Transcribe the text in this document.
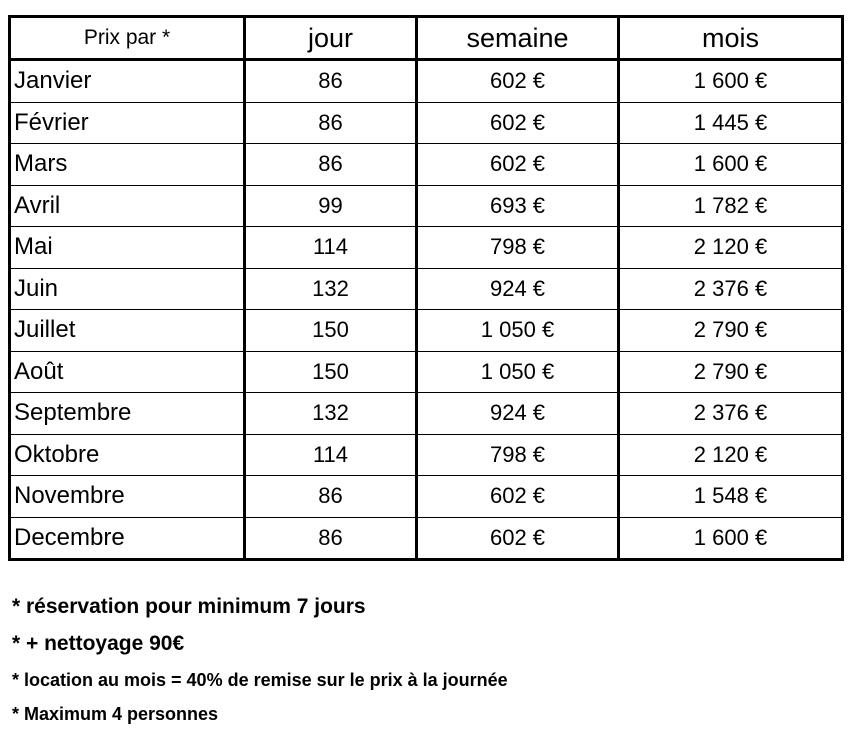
Prix par *	jour	semaine	mois
Janvier	86	602 €	1 600 €
Février	86	602 €	1 445 €
Mars	86	602 €	1 600 €
Avril	99	693 €	1 782 €
Mai	114	798 €	2 120 €
Juin	132	924 €	2 376 €
Juillet	150	1 050 €	2 790 €
Août	150	1 050 €	2 790 €
Septembre	132	924 €	2 376 €
Oktobre	114	798 €	2 120 €
Novembre	86	602 €	1 548 €
Decembre	86	602 €	1 600 €

* réservation pour minimum 7 jours

* + nettoyage 90€

* location au mois = 40% de remise sur le prix à la journée

* Maximum 4 personnes
